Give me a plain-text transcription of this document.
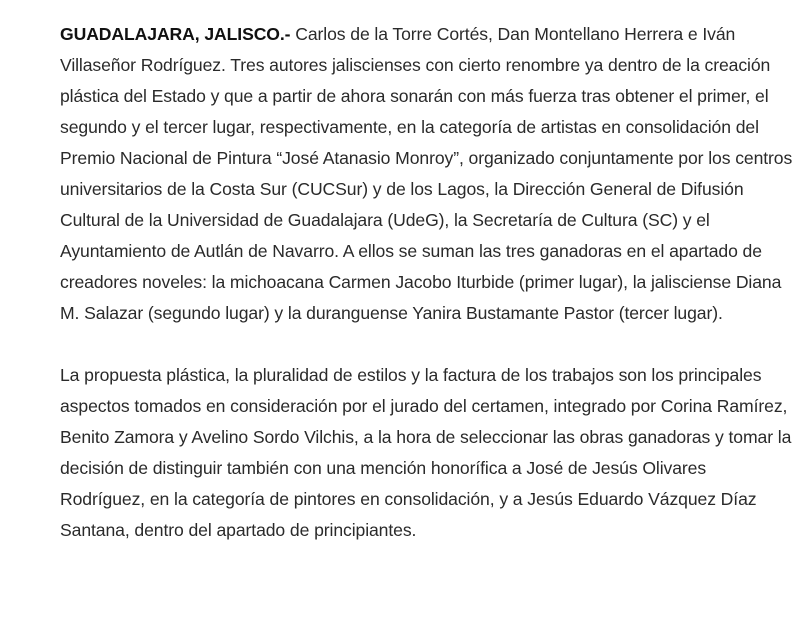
GUADALAJARA, JALISCO.- Carlos de la Torre Cortés, Dan Montellano Herrera e Iván Villaseñor Rodríguez. Tres autores jaliscienses con cierto renombre ya dentro de la creación plástica del Estado y que a partir de ahora sonarán con más fuerza tras obtener el primer, el segundo y el tercer lugar, respectivamente, en la categoría de artistas en consolidación del Premio Nacional de Pintura “José Atanasio Monroy”, organizado conjuntamente por los centros universitarios de la Costa Sur (CUCSur) y de los Lagos, la Dirección General de Difusión Cultural de la Universidad de Guadalajara (UdeG), la Secretaría de Cultura (SC) y el Ayuntamiento de Autlán de Navarro. A ellos se suman las tres ganadoras en el apartado de creadores noveles: la michoacana Carmen Jacobo Iturbide (primer lugar), la jalisciense Diana M. Salazar (segundo lugar) y la duranguense Yanira Bustamante Pastor (tercer lugar).

La propuesta plástica, la pluralidad de estilos y la factura de los trabajos son los principales aspectos tomados en consideración por el jurado del certamen, integrado por Corina Ramírez, Benito Zamora y Avelino Sordo Vilchis, a la hora de seleccionar las obras ganadoras y tomar la decisión de distinguir también con una mención honorífica a José de Jesús Olivares Rodríguez, en la categoría de pintores en consolidación, y a Jesús Eduardo Vázquez Díaz Santana, dentro del apartado de principiantes.
